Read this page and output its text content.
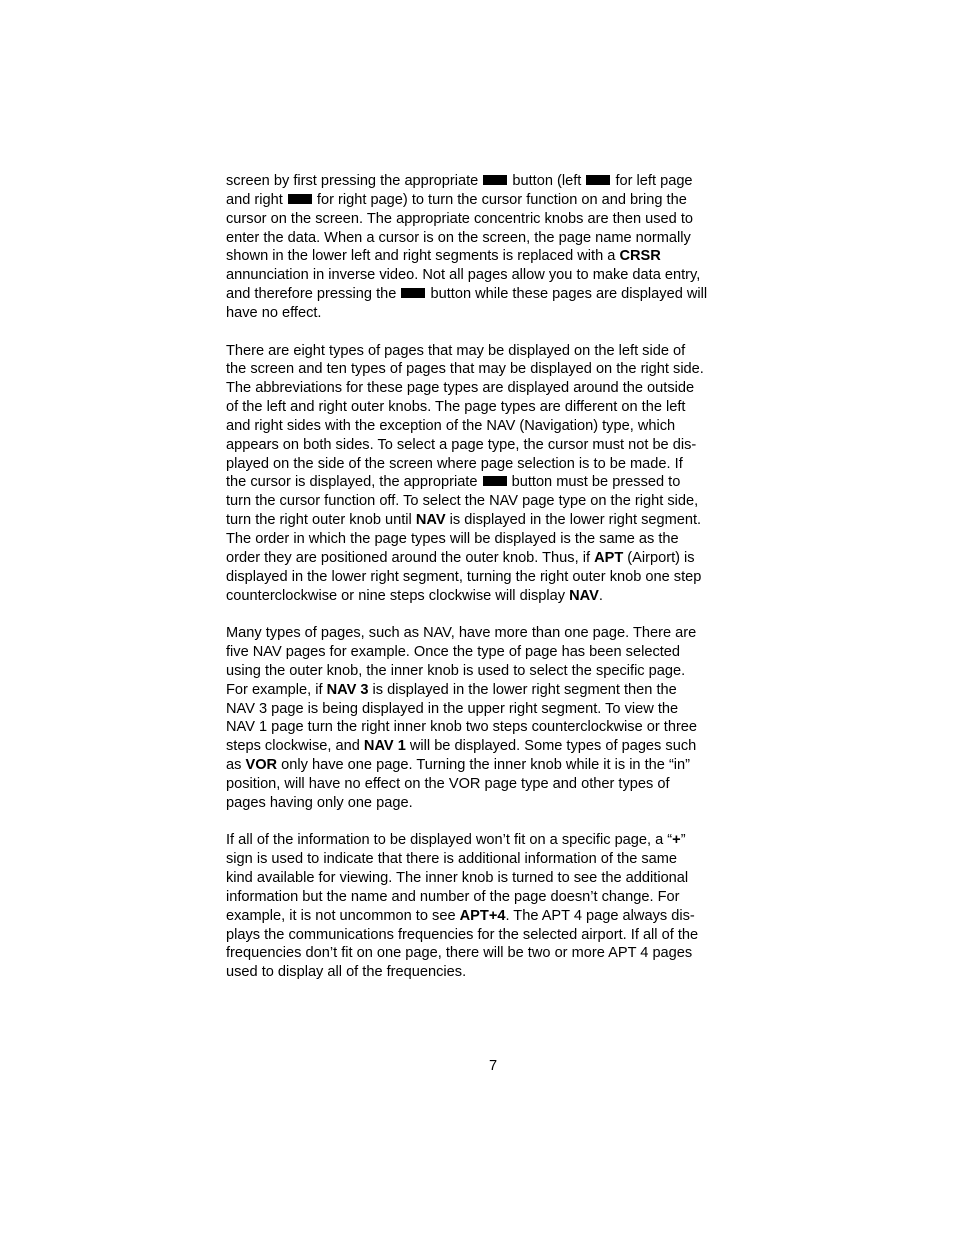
screen by first pressing the appropriate  button (left  for left page
and right  for right page) to turn the cursor function on and bring the
cursor on the screen. The appropriate concentric knobs are then used to
enter the data. When a cursor is on the screen, the page name normally
shown in the lower left and right segments is replaced with a CRSR
annunciation in inverse video. Not all pages allow you to make data entry,
and therefore pressing the  button while these pages are displayed will
have no effect.

There are eight types of pages that may be displayed on the left side of
the screen and ten types of pages that may be displayed on the right side.
The abbreviations for these page types are displayed around the outside
of the left and right outer knobs. The page types are different on the left
and right sides with the exception of the NAV (Navigation) type, which
appears on both sides. To select a page type, the cursor must not be dis-
played on the side of the screen where page selection is to be made. If
the cursor is displayed, the appropriate  button must be pressed to
turn the cursor function off. To select the NAV page type on the right side,
turn the right outer knob until NAV is displayed in the lower right segment.
The order in which the page types will be displayed is the same as the
order they are positioned around the outer knob. Thus, if APT (Airport) is
displayed in the lower right segment, turning the right outer knob one step
counterclockwise or nine steps clockwise will display NAV.

Many types of pages, such as NAV, have more than one page. There are
five NAV pages for example. Once the type of page has been selected
using the outer knob, the inner knob is used to select the specific page.
For example, if NAV 3 is displayed in the lower right segment then the
NAV 3 page is being displayed in the upper right segment. To view the
NAV 1 page turn the right inner knob two steps counterclockwise or three
steps clockwise, and NAV 1 will be displayed. Some types of pages such
as VOR only have one page. Turning the inner knob while it is in the “in”
position, will have no effect on the VOR page type and other types of
pages having only one page.

If all of the information to be displayed won’t fit on a specific page, a “+”
sign is used to indicate that there is additional information of the same
kind available for viewing. The inner knob is turned to see the additional
information but the name and number of the page doesn’t change. For
example, it is not uncommon to see APT+4. The APT 4 page always dis-
plays the communications frequencies for the selected airport. If all of the
frequencies don’t fit on one page, there will be two or more APT 4 pages
used to display all of the frequencies.

7
